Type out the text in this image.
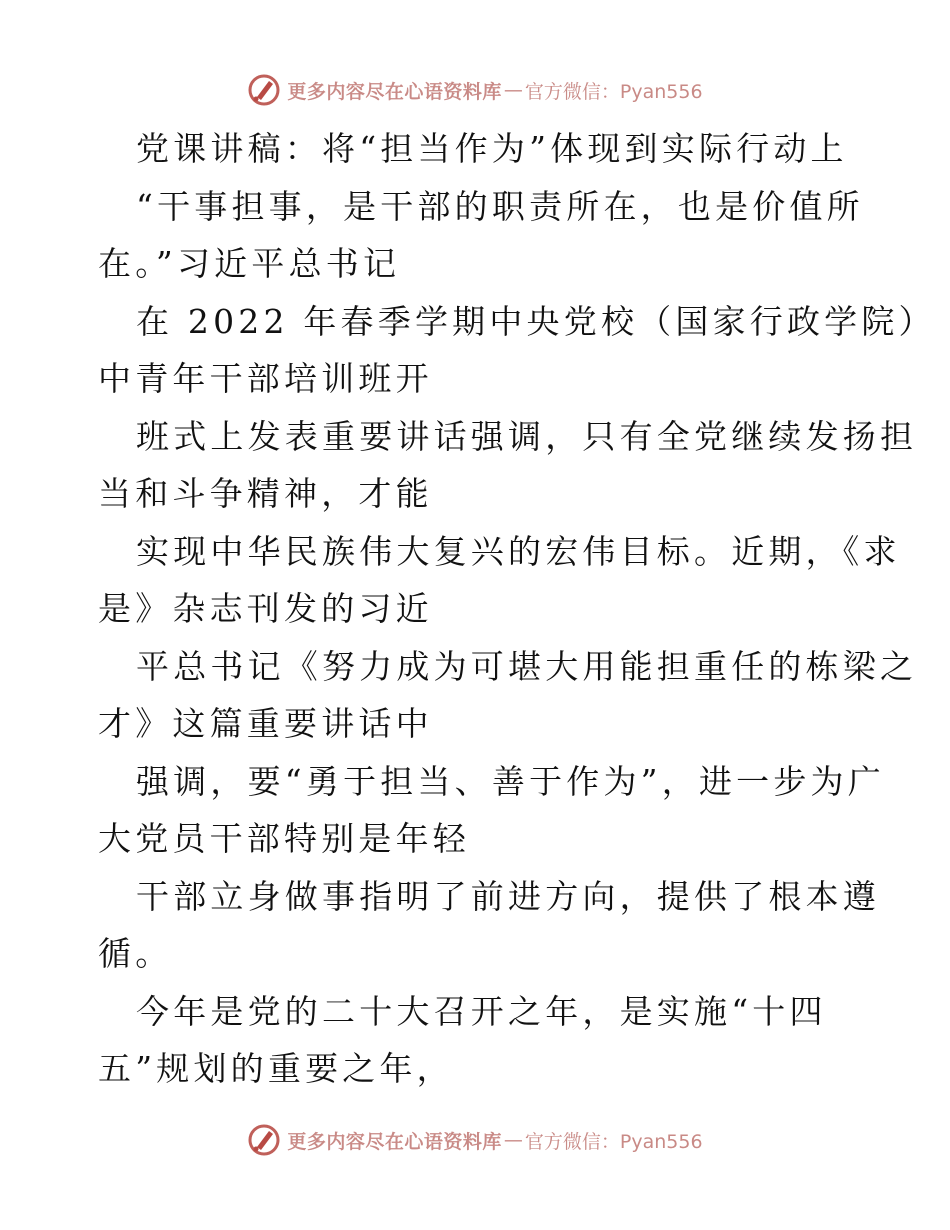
更多内容尽在心语资料库 — 官方微信：Pyan556
党课讲稿：将“担当作为”体现到实际行动上
“干事担事，是干部的职责所在，也是价值所
在。”习近平总书记
在 2022 年春季学期中央党校（国家行政学院）
中青年干部培训班开
班式上发表重要讲话强调，只有全党继续发扬担
当和斗争精神，才能
实现中华民族伟大复兴的宏伟目标。近期，《求
是》杂志刊发的习近
平总书记《努力成为可堪大用能担重任的栋梁之
才》这篇重要讲话中
强调，要“勇于担当、善于作为”，进一步为广
大党员干部特别是年轻
干部立身做事指明了前进方向，提供了根本遵
循。
今年是党的二十大召开之年，是实施“十四
五”规划的重要之年，
更多内容尽在心语资料库 — 官方微信：Pyan556
